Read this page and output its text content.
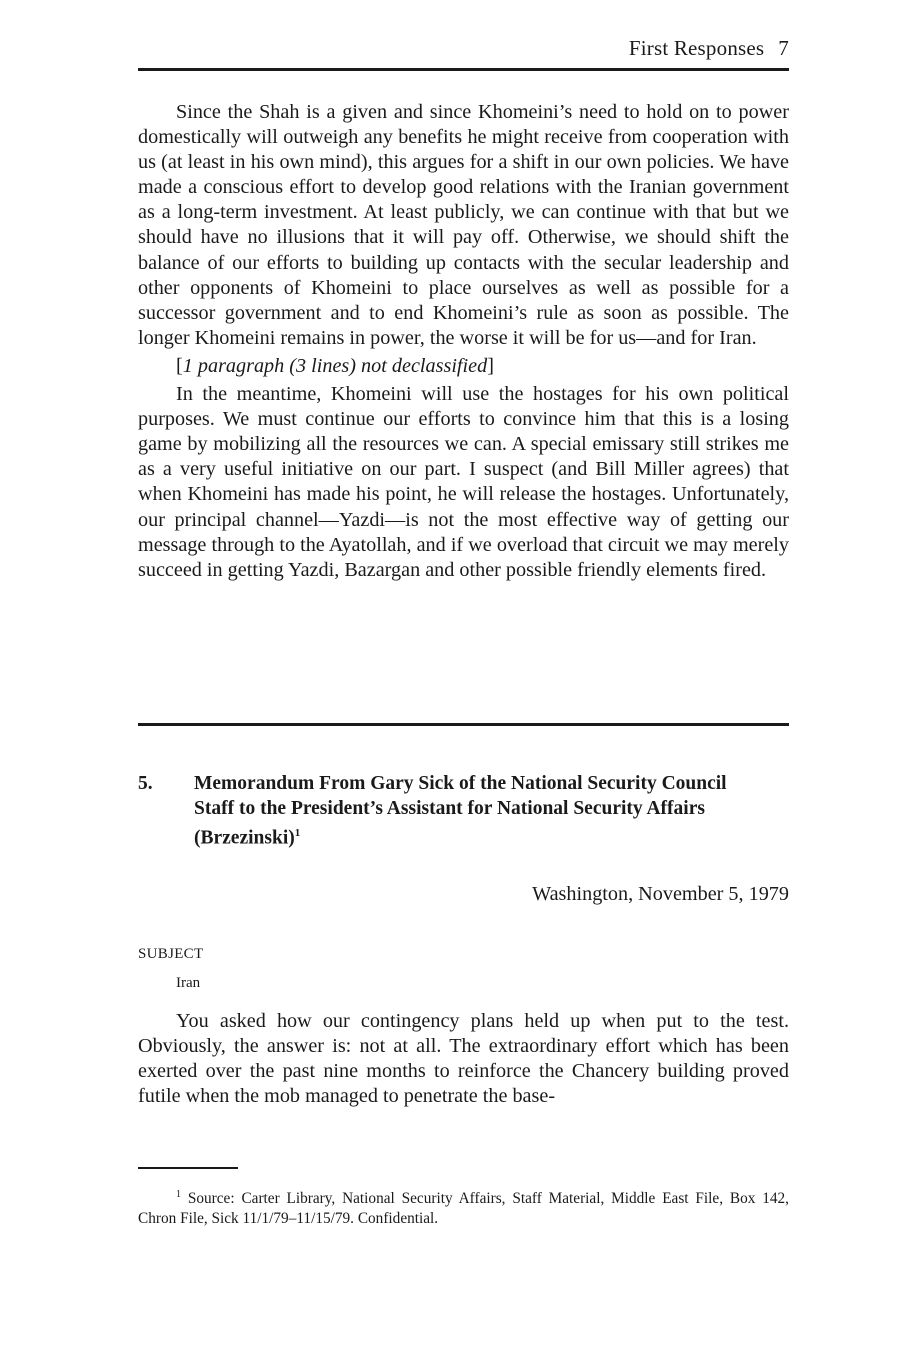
First Responses 7

Since the Shah is a given and since Khomeini’s need to hold on to power domestically will outweigh any benefits he might receive from cooperation with us (at least in his own mind), this argues for a shift in our own policies. We have made a conscious effort to develop good relations with the Iranian government as a long-term investment. At least publicly, we can continue with that but we should have no illusions that it will pay off. Otherwise, we should shift the balance of our efforts to building up contacts with the secular leadership and other opponents of Khomeini to place ourselves as well as possible for a successor government and to end Khomeini’s rule as soon as possible. The longer Khomeini remains in power, the worse it will be for us—and for Iran.

[1 paragraph (3 lines) not declassified]

In the meantime, Khomeini will use the hostages for his own political purposes. We must continue our efforts to convince him that this is a losing game by mobilizing all the resources we can. A special emissary still strikes me as a very useful initiative on our part. I suspect (and Bill Miller agrees) that when Khomeini has made his point, he will release the hostages. Unfortunately, our principal channel—Yazdi—is not the most effective way of getting our message through to the Ayatollah, and if we overload that circuit we may merely succeed in getting Yazdi, Bazargan and other possible friendly elements fired.

5. Memorandum From Gary Sick of the National Security Council Staff to the President’s Assistant for National Security Affairs (Brzezinski)$^1$
Washington, November 5, 1979
SUBJECT
Iran

You asked how our contingency plans held up when put to the test. Obviously, the answer is: not at all. The extraordinary effort which has been exerted over the past nine months to reinforce the Chancery building proved futile when the mob managed to penetrate the base-

$^1$ Source: Carter Library, National Security Affairs, Staff Material, Middle East File, Box 142, Chron File, Sick 11/1/79–11/15/79. Confidential.
